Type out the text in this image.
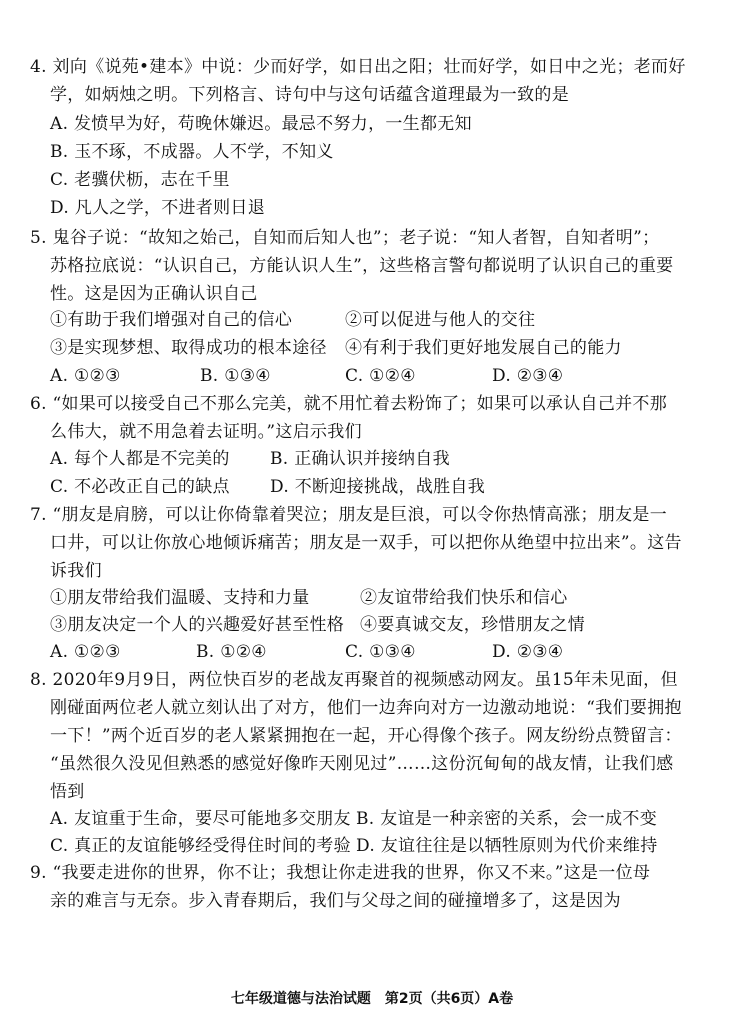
4. 刘向《说苑•建本》中说：少而好学，如日出之阳；壮而好学，如日中之光；老而好
学，如炳烛之明。下列格言、诗句中与这句话蕴含道理最为一致的是
A. 发愤早为好，苟晚休嫌迟。最忌不努力，一生都无知
B. 玉不琢，不成器。人不学，不知义
C. 老骥伏枥，志在千里
D. 凡人之学，不进者则日退
5. 鬼谷子说：“故知之始己，自知而后知人也”；老子说：“知人者智，自知者明”；
苏格拉底说：“认识自己，方能认识人生”，这些格言警句都说明了认识自己的重要
性。这是因为正确认识自己
①有助于我们增强对自己的信心	②可以促进与他人的交往
③是实现梦想、取得成功的根本途径 ④有利于我们更好地发展自己的能力
A. ①②③	B. ①③④	C. ①②④	D. ②③④
6. “如果可以接受自己不那么完美，就不用忙着去粉饰了；如果可以承认自己并不那
么伟大，就不用急着去证明。”这启示我们
A. 每个人都是不完美的 B. 正确认识并接纳自我
C. 不必改正自己的缺点 D. 不断迎接挑战，战胜自我
7. “朋友是肩膀，可以让你倚靠着哭泣；朋友是巨浪，可以令你热情高涨；朋友是一
口井，可以让你放心地倾诉痛苦；朋友是一双手，可以把你从绝望中拉出来”。这告
诉我们
①朋友带给我们温暖、支持和力量	②友谊带给我们快乐和信心
③朋友决定一个人的兴趣爱好甚至性格 ④要真诚交友，珍惜朋友之情
A. ①②③	B. ①②④	C. ①③④	D. ②③④
8. 2020年9月9日，两位快百岁的老战友再聚首的视频感动网友。虽15年未见面，但
刚碰面两位老人就立刻认出了对方，他们一边奔向对方一边激动地说：“我们要拥抱
一下！”两个近百岁的老人紧紧拥抱在一起，开心得像个孩子。网友纷纷点赞留言：
“虽然很久没见但熟悉的感觉好像昨天刚见过”……这份沉甸甸的战友情，让我们感
悟到
A. 友谊重于生命，要尽可能地多交朋友 B. 友谊是一种亲密的关系，会一成不变
C. 真正的友谊能够经受得住时间的考验 D. 友谊往往是以牺牲原则为代价来维持
9. “我要走进你的世界，你不让；我想让你走进我的世界，你又不来。”这是一位母
亲的难言与无奈。步入青春期后，我们与父母之间的碰撞增多了，这是因为
七年级道德与法治试题　第2页（共6页）A卷
